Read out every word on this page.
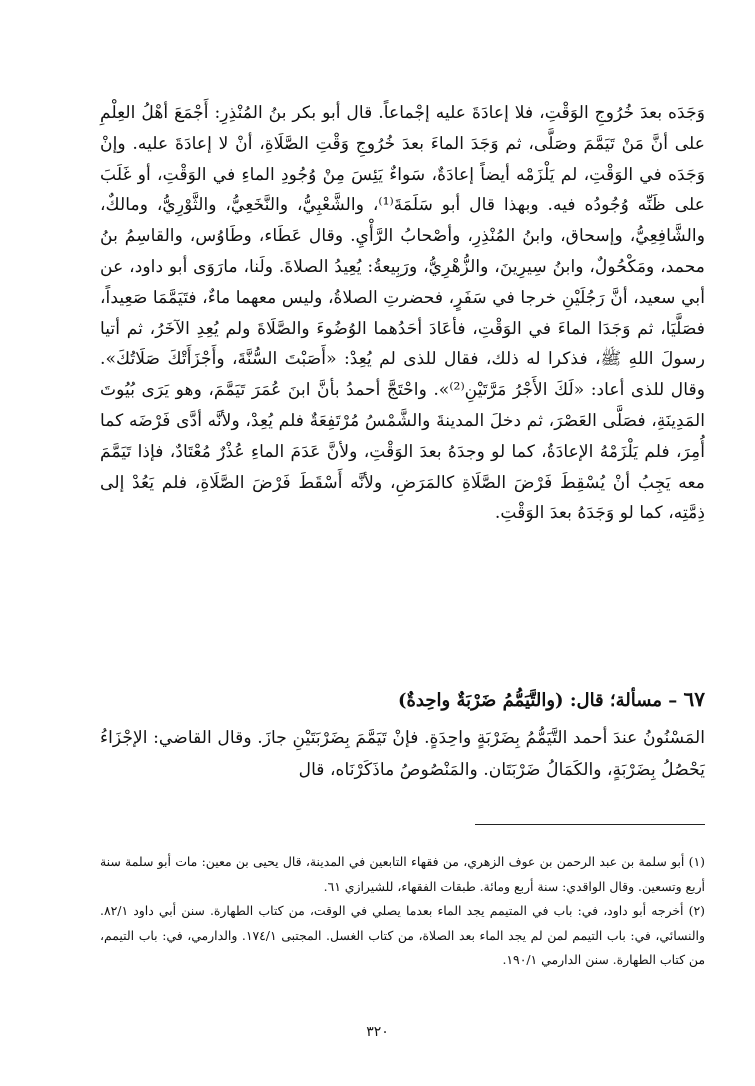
وَجَدَه بعدَ خُرُوجِ الوَقْتِ، فلا إعادَةَ عليه إجْماعاً. قال أبو بكر بنُ المُنْذِرِ: أَجْمَعَ أهْلُ العِلْمِ على أنَّ مَنْ تَيَمَّمَ وصَلَّى، ثم وَجَدَ الماءَ بعدَ خُرُوجِ وَقْتِ الصَّلَاةِ، أنْ لا إعادَةَ عليه. وإنْ وَجَدَه في الوَقْتِ، لم يَلْزَمْه أيضاً إعادَةٌ، سَواءٌ يَئِسَ مِنْ وُجُودِ الماءِ في الوَقْتِ، أو غَلَبَ على ظَنِّه وُجُودُه فيه. وبهذا قال أبو سَلَمَةَ⁽¹⁾، والشَّعْبِيُّ، والنَّخَعِيُّ، والثَّوْرِيُّ، ومالكٌ، والشَّافِعِيُّ، وإسحاق، وابنُ المُنْذِرِ، وأصْحابُ الرَّأْيِ. وقال عَطَاء، وطَاوُس، والقاسِمُ بنُ محمد، ومَكْحُولٌ، وابنُ سِيرِينَ، والزُّهْرِيُّ، ورَبِيعةُ: يُعِيدُ الصلاةَ. ولَنا، مارَوَى أبو داود، عن أبي سعيد، أنَّ رَجُلَيْنِ خرجا في سَفَرٍ، فحضرتِ الصلاةُ، وليس معهما ماءٌ، فتَيَمَّمَا صَعِيداً، فصَلَّيَا، ثم وَجَدَا الماءَ في الوَقْتِ، فأعَادَ أحَدُهما الوُضُوءَ والصَّلَاةَ ولم يُعِدِ الآخَرُ، ثم أتيا رسولَ اللهِ ﷺ، فذكرا له ذلك، فقال للذى لم يُعِدْ: «أَصَبْتَ السُّنَّةَ، وأَجْزَأَتْكَ صَلَاتُكَ». وقال للذى أعاد: «لَكَ الأَجْرُ مَرَّتَيْنِ⁽²⁾». واحْتَجَّ أحمدُ بأنَّ ابنَ عُمَرَ تَيَمَّمَ، وهو يَرَى بُيُوتَ المَدِينَةِ، فصَلَّى العَصْرَ، ثم دخلَ المدينةَ والشَّمْسُ مُرْتَفِعَةٌ فلم يُعِدْ، ولأنَّه أدَّى فَرْضَه كما أُمِرَ، فلم يَلْزَمْهُ الإعادَةُ، كما لو وجدَهُ بعدَ الوَقْتِ، ولأنَّ عَدَمَ الماءِ عُذْرٌ مُعْتَادٌ، فإذا تَيَمَّمَ معه يَجِبُ أنْ يُسْقِطَ فَرْضَ الصَّلَاةِ كالمَرَضِ، ولأنَّه أَسْقَطَ فَرْضَ الصَّلَاةِ، فلم يَعُدْ إلى ذِمَّتِه، كما لو وَجَدَهُ بعدَ الوَقْتِ.

٦٧ – مسألة؛ قال: (والتَّيَمُّمُ ضَرْبَةٌ واحِدةٌ)

المَسْنُونُ عندَ أحمد التَّيَمُّمُ بِضَرْبَةٍ واحِدَةٍ. فإنْ تَيَمَّمَ بِضَرْبَتَيْنِ جازَ. وقال القاضي: الإجْزَاءُ يَحْصُلُ بِضَرْبَةٍ، والكَمَالُ ضَرْبَتَان. والمَنْصُوصُ ماذَكَرْنَاه، قال

(١) أبو سلمة بن عبد الرحمن بن عوف الزهري، من فقهاء التابعين في المدينة، قال يحيى بن معين: مات أبو سلمة سنة أربع وتسعين. وقال الواقدي: سنة أربع ومائة. طبقات الفقهاء، للشيرازي ٦١.

(٢) أخرجه أبو داود، في: باب في المتيمم يجد الماء بعدما يصلي في الوقت، من كتاب الطهارة. سنن أبي داود ٨٢/١. والنسائي، في: باب التيمم لمن لم يجد الماء بعد الصلاة، من كتاب الغسل. المجتبى ١٧٤/١. والدارمي، في: باب التيمم، من كتاب الطهارة. سنن الدارمي ١٩٠/١.

٣٢٠
